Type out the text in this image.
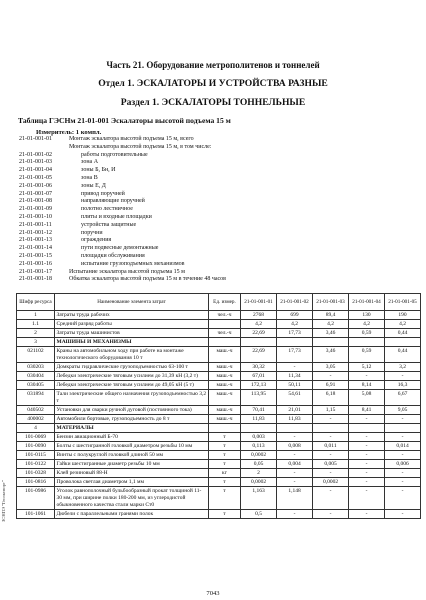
Часть 21. Оборудование метрополитенов и тоннелей
Отдел 1. ЭСКАЛАТОРЫ И УСТРОЙСТВА РАЗНЫЕ
Раздел 1. ЭСКАЛАТОРЫ ТОННЕЛЬНЫЕ
Таблица ГЭСНм 21-01-001 Эскалаторы высотой подъема 15 м
Измеритель: 1 компл.
21-01-001-01	Монтаж эскалатора высотой подъема 15 м, всего
Монтаж эскалатора высотой подъема 15 м, в том числе:
21-01-001-02	работы подготовительные
21-01-001-03	зона А
21-01-001-04	зоны Б, Бн, И
21-01-001-05	зона В
21-01-001-06	зоны Е, Д
21-01-001-07	привод поручней
21-01-001-08	направляющие поручней
21-01-001-09	полотно лестничное
21-01-001-10	плиты и входные площадки
21-01-001-11	устройства защитные
21-01-001-12	поручни
21-01-001-13	ограждения
21-01-001-14	пути подвесные демонтажные
21-01-001-15	площадки обслуживания
21-01-001-16	испытание грузоподъемных механизмов
21-01-001-17	Испытание эскалатора высотой подъема 15 м
21-01-001-18	Обкатка эскалатора высотой подъема 15 м в течение 48 часов
Шифр ресурса	Наименование элемента затрат	Ед. измер.	21-01-001-01	21-01-001-02	21-01-001-03	21-01-001-04	21-01-001-05
1	Затраты труда рабочих	чел.-ч	2768	699	89,4	130	190
1.1	Средний разряд работы		4,2	4,2	4,2	4,2	4,2
2	Затраты труда машинистов	чел.-ч	22,69	17,73	3,46	0,59	0,44
3	МАШИНЫ И МЕХАНИЗМЫ						
021102	Краны на автомобильном ходу при работе на монтаже технологического оборудования 10 т	маш.-ч	22,69	17,73	3,46	0,59	0,44
030203	Домкраты гидравлические грузоподъемностью 63-100 т	маш.-ч	30,32	-	3,05	5,12	3,2
030404	Лебедки электрические тяговым усилием до 31,39 кН (3,2 т)	маш.-ч	67,01	11,34	-	-	-
030405	Лебедки электрические тяговым усилием до 49,05 кН (5 т)	маш.-ч	172,13	50,11	6,91	8,14	16,3
031894	Тали электрические общего назначения грузоподъемностью 3,2 т	маш.-ч	113,95	54,61	6,18	5,08	6,67
040502	Установки для сварки ручной дуговой (постоянного тока)	маш.-ч	70,41	21,01	1,15	8,41	9,05
400002	Автомобили бортовые, грузоподъемность до 8 т	маш.-ч	11,83	11,83	-	-	-
4	МАТЕРИАЛЫ						
101-0069	Бензин авиационный Б-70	т	0,003	-	-	-	-
101-0090	Болты с шестигранной головкой диаметром резьбы 10 мм	т	0,113	0,008	0,011	-	0,014
101-0115	Винты с полукруглой головкой длиной 50 мм	т	0,0002	-	-	-	-
101-0122	Гайки шестигранные диаметр резьбы 10 мм	т	0,05	0,004	0,005	-	0,006
101-0328	Клей резиновый 88-Н	кг	2	-	-	-	-
101-0816	Проволока светлая диаметром 1,1 мм	т	0,0002	-	0,0002	-	-
101-0986	Уголок равнополочный бульбообразный прокат толщиной 11-30 мм, при ширине полки 180-200 мм, из углеродистой обыкновенного качества стали марки Ст0	т	1,163	1,148	-	-	-
101-1061	Дюбели с параллельными гранями полок	т	0,5	-	-	-	-
ЗСНПЭ "Геоэкспорт"
7043
